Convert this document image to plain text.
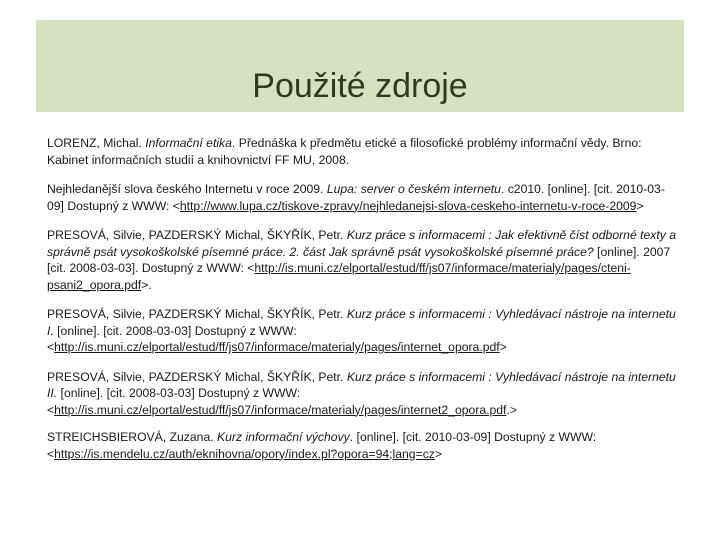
Použité zdroje

LORENZ, Michal. Informační etika. Přednáška k předmětu etické a filosofické problémy informační vědy. Brno: Kabinet informačních studií a knihovnictví FF MU, 2008.

Nejhledanější slova českého Internetu v roce 2009. Lupa: server o českém internetu. c2010. [online]. [cit. 2010-03-09] Dostupný z WWW: <http://www.lupa.cz/tiskove-zpravy/nejhledanejsi-slova-ceskeho-internetu-v-roce-2009>

PRESOVÁ, Silvie, PAZDERSKÝ Michal, ŠKYŘÍK, Petr. Kurz práce s informacemi : Jak efektivně číst odborné texty a správně psát vysokoškolské písemné práce. 2. část Jak správně psát vysokoškolské písemné práce? [online]. 2007 [cit. 2008-03-03]. Dostupný z WWW: <http://is.muni.cz/elportal/estud/ff/js07/informace/materialy/pages/cteni-psani2_opora.pdf>.

PRESOVÁ, Silvie, PAZDERSKÝ Michal, ŠKYŘÍK, Petr. Kurz práce s informacemi : Vyhledávací nástroje na internetu I. [online]. [cit. 2008-03-03] Dostupný z WWW: <http://is.muni.cz/elportal/estud/ff/js07/informace/materialy/pages/internet_opora.pdf>

PRESOVÁ, Silvie, PAZDERSKÝ Michal, ŠKYŘÍK, Petr. Kurz práce s informacemi : Vyhledávací nástroje na internetu II. [online]. [cit. 2008-03-03] Dostupný z WWW: <http://is.muni.cz/elportal/estud/ff/js07/informace/materialy/pages/internet2_opora.pdf.>

STREICHSBIEROVÁ, Zuzana. Kurz informační výchovy. [online]. [cit. 2010-03-09] Dostupný z WWW: <https://is.mendelu.cz/auth/eknihovna/opory/index.pl?opora=94;lang=cz>
